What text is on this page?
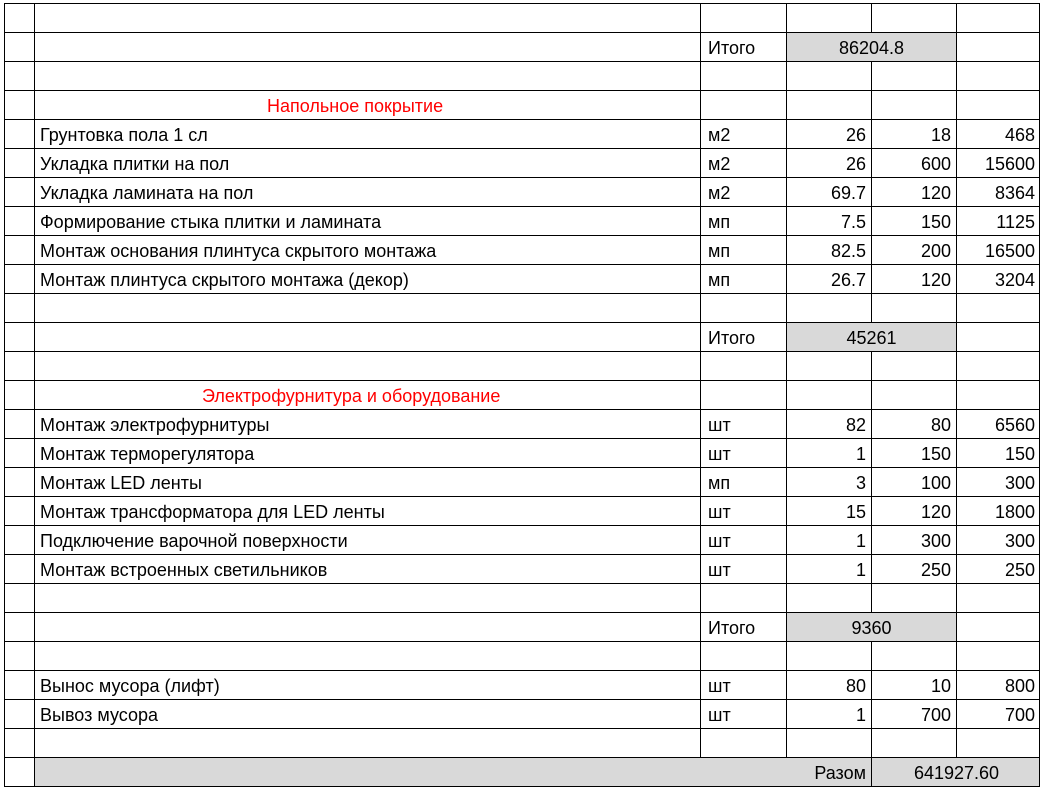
Итого	86204.8
Напольное покрытие
Грунтовка пола 1 сл	м2	26	18	468
Укладка плитки на пол	м2	26	600	15600
Укладка ламината на пол	м2	69.7	120	8364
Формирование стыка плитки и ламината	мп	7.5	150	1125
Монтаж основания плинтуса скрытого монтажа	мп	82.5	200	16500
Монтаж плинтуса скрытого монтажа (декор)	мп	26.7	120	3204
Итого	45261
Электрофурнитура и оборудование
Монтаж электрофурнитуры	шт	82	80	6560
Монтаж терморегулятора	шт	1	150	150
Монтаж LED ленты	мп	3	100	300
Монтаж трансформатора для LED ленты	шт	15	120	1800
Подключение варочной поверхности	шт	1	300	300
Монтаж встроенных светильников	шт	1	250	250
Итого	9360
Вынос мусора (лифт)	шт	80	10	800
Вывоз мусора	шт	1	700	700
Разом	641927.60
